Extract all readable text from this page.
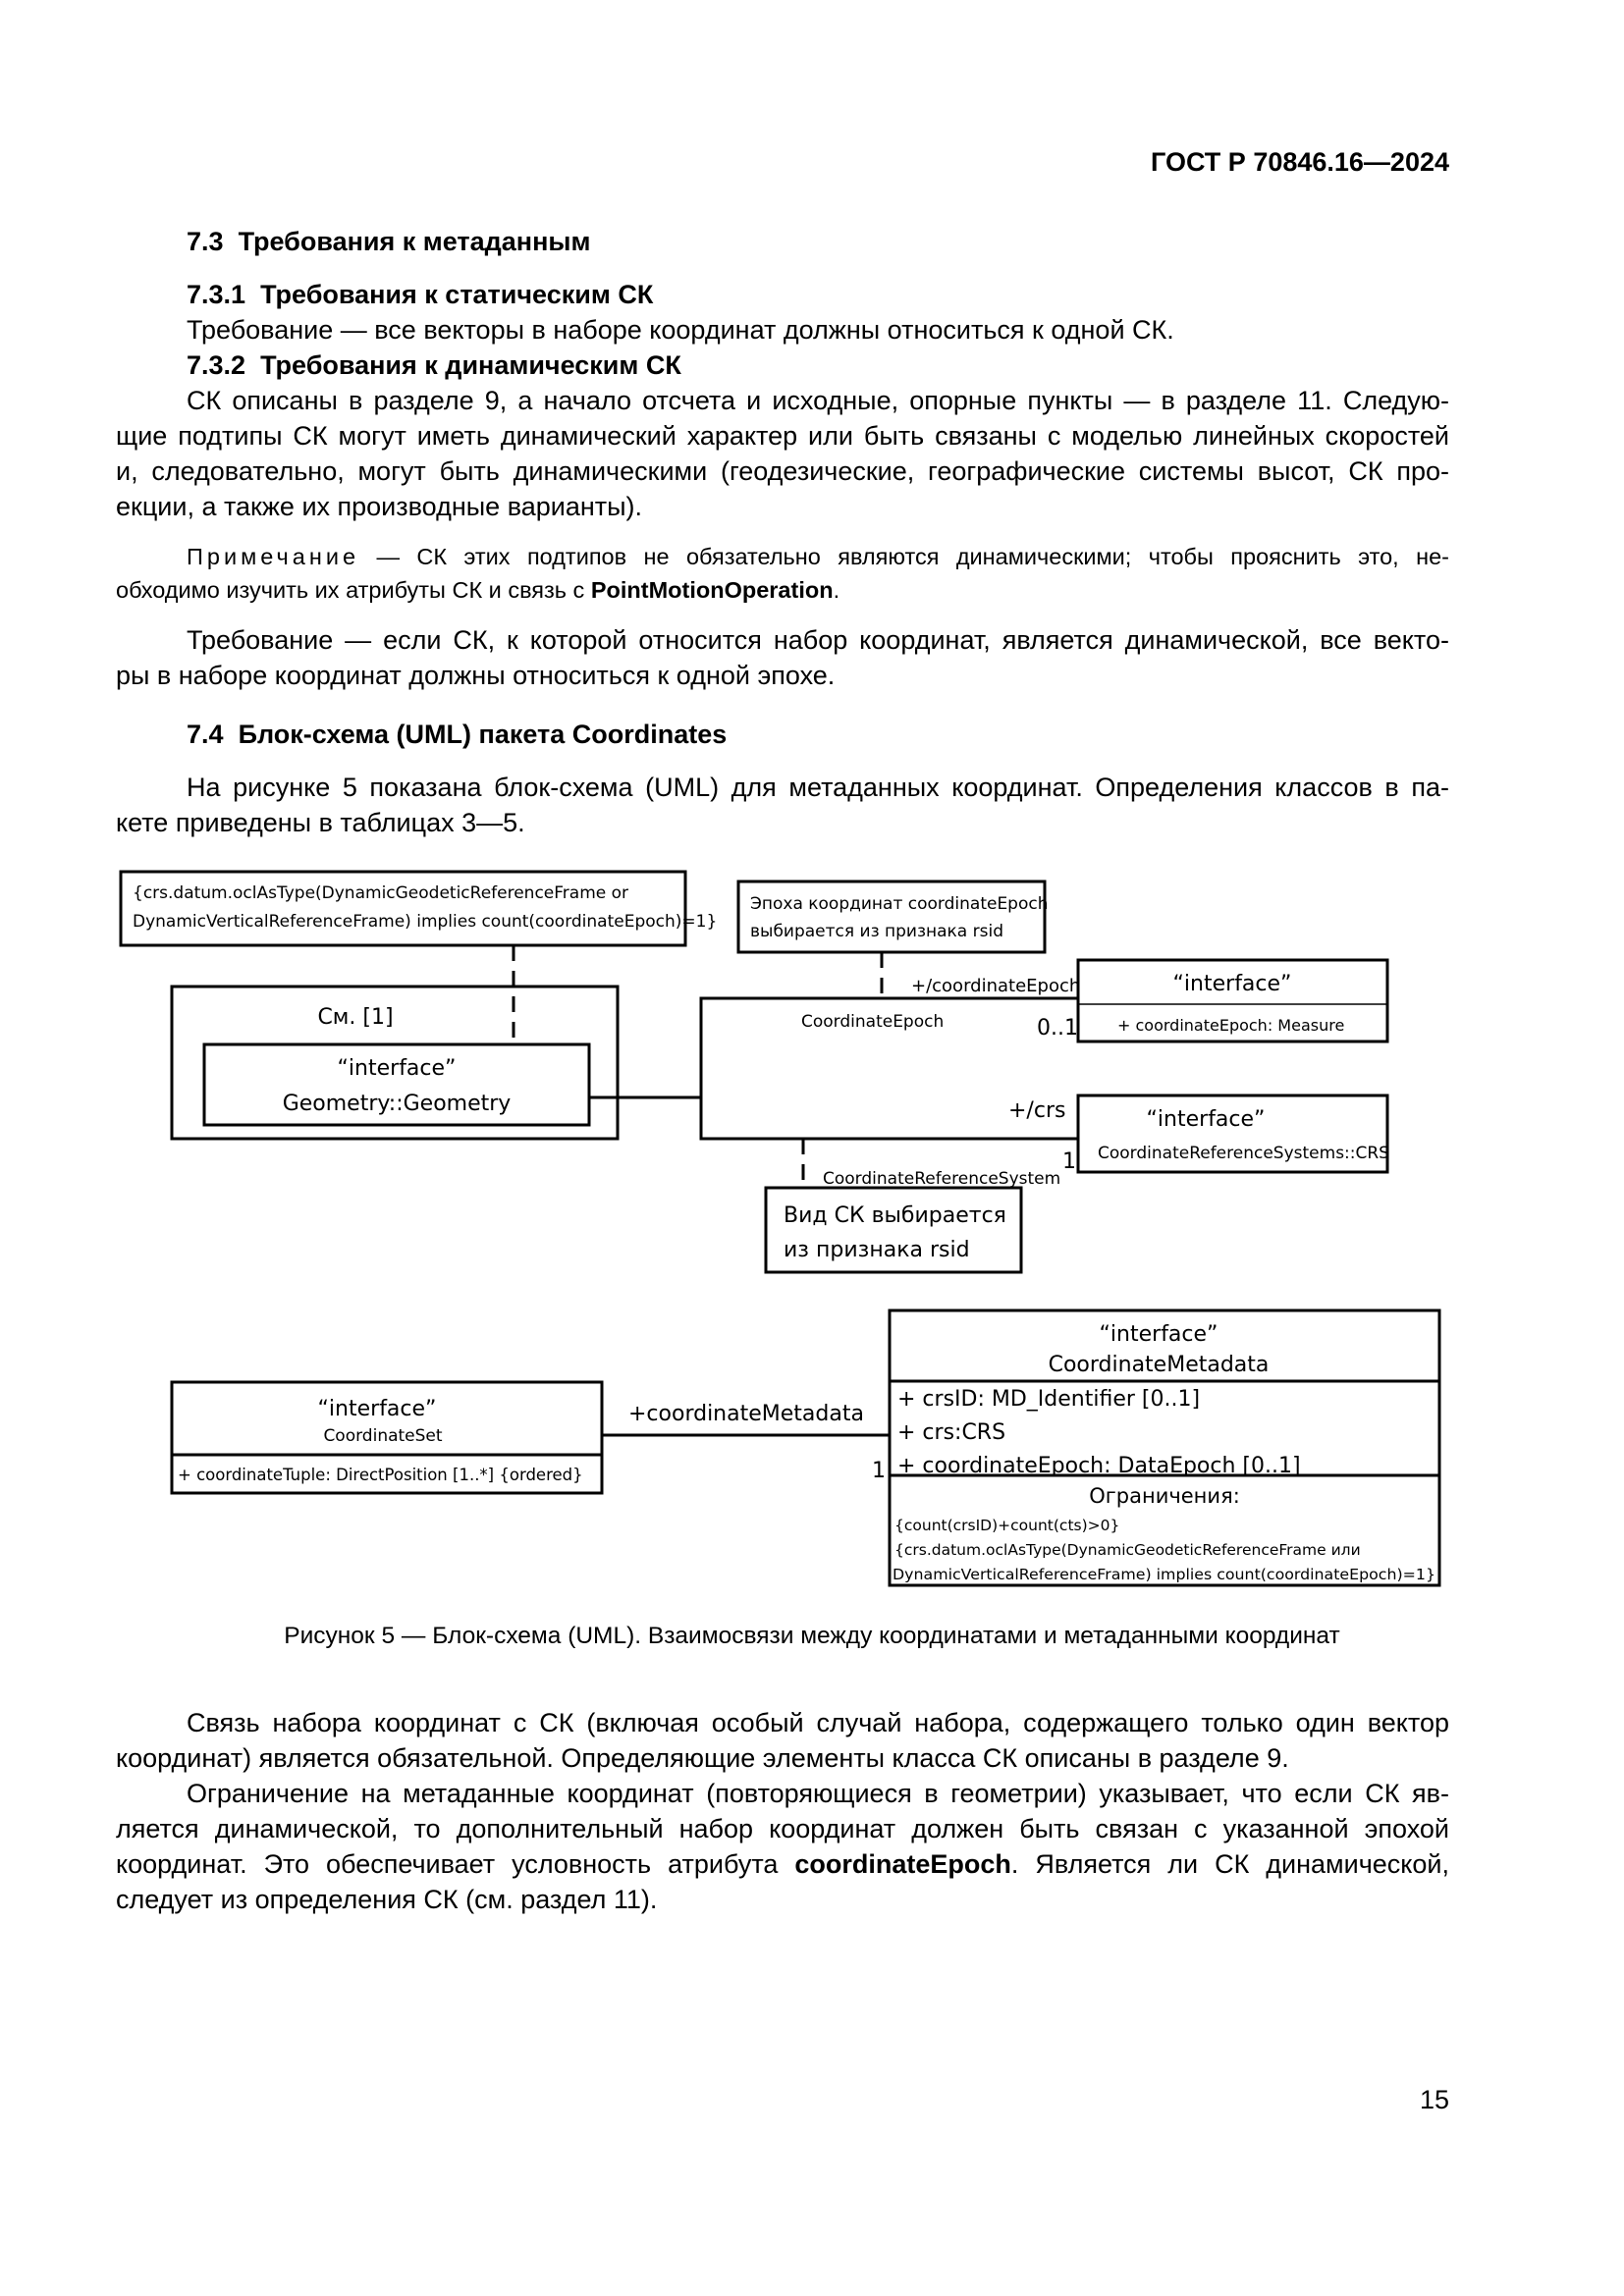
ГОСТ Р 70846.16—2024
7.3 Требования к метаданным
7.3.1 Требования к статическим СК
Требование — все векторы в наборе координат должны относиться к одной СК.
7.3.2 Требования к динамическим СК
СК описаны в разделе 9, а начало отсчета и исходные, опорные пункты — в разделе 11. Следую-
щие подтипы СК могут иметь динамический характер или быть связаны с моделью линейных скоростей
и, следовательно, могут быть динамическими (геодезические, географические системы высот, СК про-
екции, а также их производные варианты).
Примечание — СК этих подтипов не обязательно являются динамическими; чтобы прояснить это, не-
обходимо изучить их атрибуты СК и связь с PointMotionOperation.
Требование — если СК, к которой относится набор координат, является динамической, все векто-
ры в наборе координат должны относиться к одной эпохе.
7.4 Блок-схема (UML) пакета Coordinates
На рисунке 5 показана блок-схема (UML) для метаданных координат. Определения классов в па-
кете приведены в таблицах 3—5.
{crs.datum.oclAsType(DynamicGeodeticReferenceFrame or
DynamicVerticalReferenceFrame) implies count(coordinateEpoch)=1}
Эпоха координат coordinateEpoch
выбирается из признака rsid
См. [1]
“interface”
Geometry::Geometry
+/coordinateEpoch
CoordinateEpoch	0..1
“interface”
+ coordinateEpoch: Measure
+/crs
CoordinateReferenceSystem
1
“interface”
CoordinateReferenceSystems::CRS
Вид СК выбирается
из признака rsid
“interface”
CoordinateSet
+ coordinateTuple: DirectPosition [1..*] {ordered}
+coordinateMetadata
1
“interface”
CoordinateMetadata
+ crsID: MD_Identifier [0..1]
+ crs:CRS
+ coordinateEpoch: DataEpoch [0..1]
Ограничения:
{count(crsID)+count(cts)>0}
{crs.datum.oclAsType(DynamicGeodeticReferenceFrame или
DynamicVerticalReferenceFrame) implies count(coordinateEpoch)=1}
Рисунок 5 — Блок-схема (UML). Взаимосвязи между координатами и метаданными координат
Связь набора координат с СК (включая особый случай набора, содержащего только один вектор
координат) является обязательной. Определяющие элементы класса СК описаны в разделе 9.
Ограничение на метаданные координат (повторяющиеся в геометрии) указывает, что если СК яв-
ляется динамической, то дополнительный набор координат должен быть связан с указанной эпохой
координат. Это обеспечивает условность атрибута coordinateEpoch. Является ли СК динамической,
следует из определения СК (см. раздел 11).
15
